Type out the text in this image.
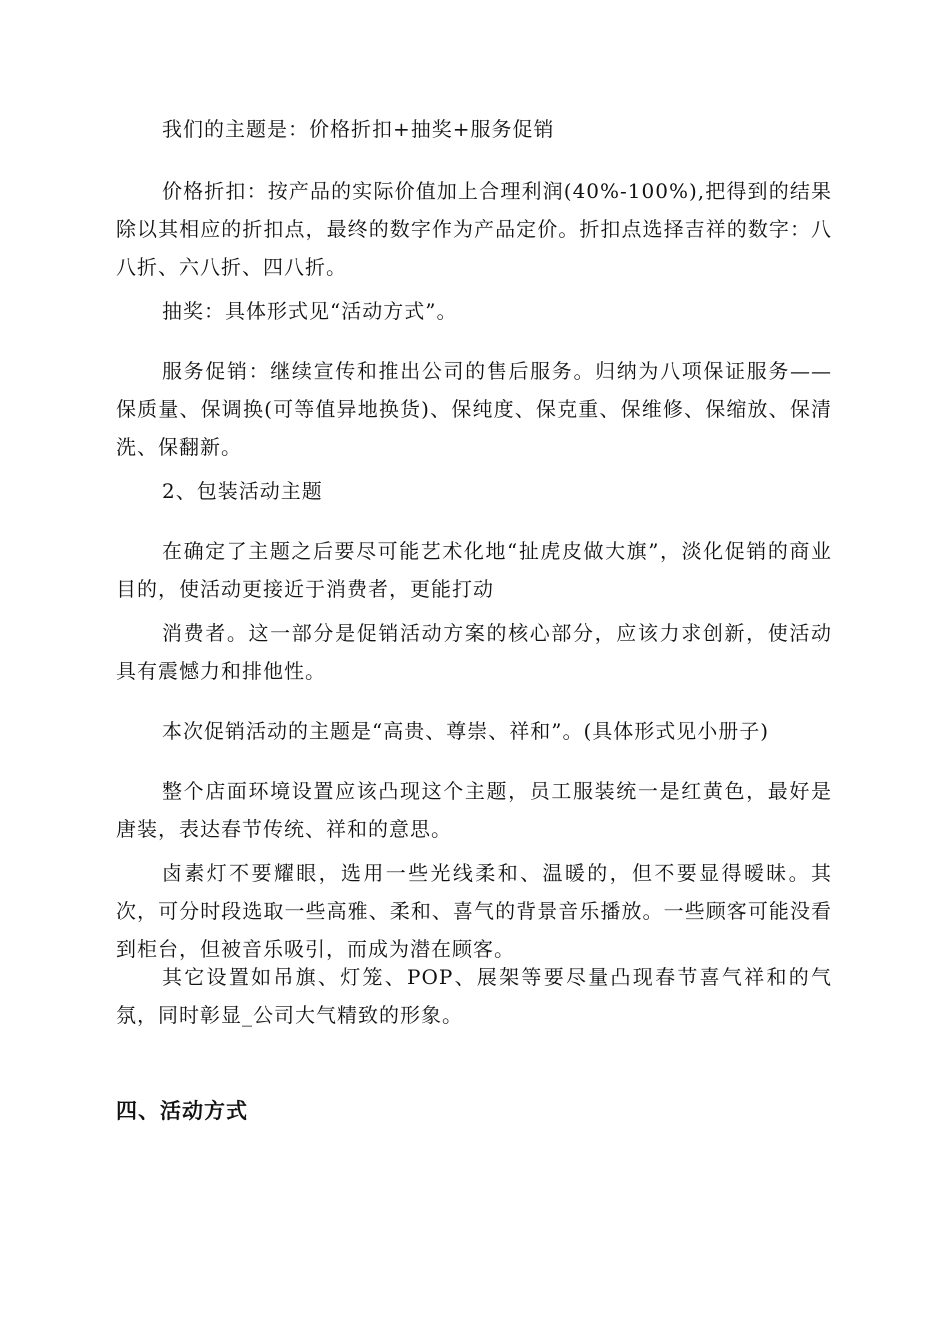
我们的主题是：价格折扣+抽奖+服务促销

价格折扣：按产品的实际价值加上合理利润(40%-100%),把得到的结果除以其相应的折扣点，最终的数字作为产品定价。折扣点选择吉祥的数字：八八折、六八折、四八折。

抽奖：具体形式见“活动方式”。

服务促销：继续宣传和推出公司的售后服务。归纳为八项保证服务——保质量、保调换(可等值异地换货)、保纯度、保克重、保维修、保缩放、保清洗、保翻新。

2、包装活动主题

在确定了主题之后要尽可能艺术化地“扯虎皮做大旗”，淡化促销的商业目的，使活动更接近于消费者，更能打动

消费者。这一部分是促销活动方案的核心部分，应该力求创新，使活动具有震憾力和排他性。

本次促销活动的主题是“高贵、尊崇、祥和”。(具体形式见小册子)

整个店面环境设置应该凸现这个主题，员工服装统一是红黄色，最好是唐装，表达春节传统、祥和的意思。

卤素灯不要耀眼，选用一些光线柔和、温暖的，但不要显得暧昧。其次，可分时段选取一些高雅、柔和、喜气的背景音乐播放。一些顾客可能没看到柜台，但被音乐吸引，而成为潜在顾客。

其它设置如吊旗、灯笼、POP、展架等要尽量凸现春节喜气祥和的气氛，同时彰显_公司大气精致的形象。

四、活动方式
